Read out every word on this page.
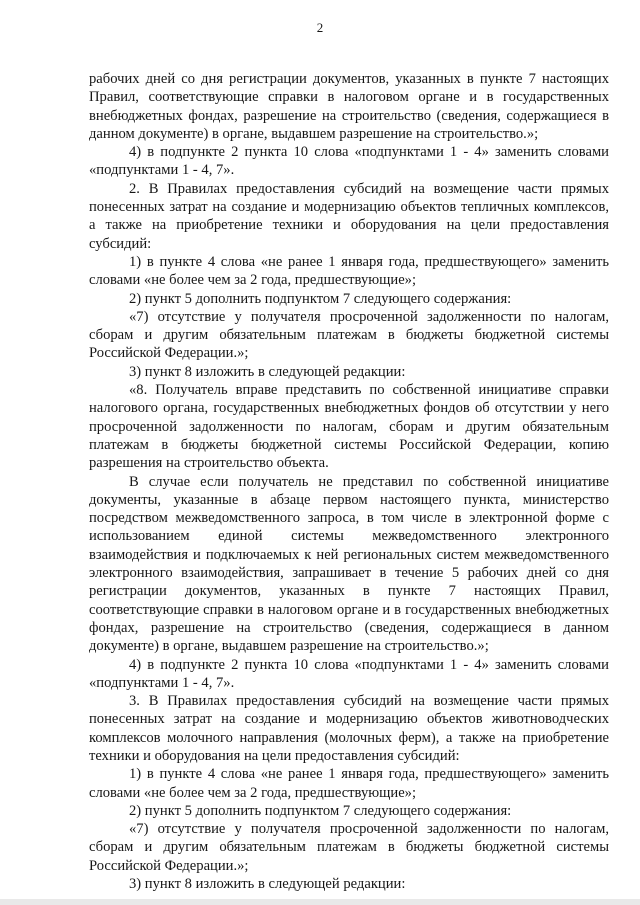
2

рабочих дней со дня регистрации документов, указанных в пункте 7 настоящих Правил, соответствующие справки в налоговом органе и в государственных внебюджетных фондах, разрешение на строительство (сведения, содержащиеся в данном документе) в органе, выдавшем разрешение на строительство.»;

4) в подпункте 2 пункта 10 слова «подпунктами 1 - 4» заменить словами «подпунктами 1 - 4, 7».

2. В Правилах предоставления субсидий на возмещение части прямых понесенных затрат на создание и модернизацию объектов тепличных комплексов, а также на приобретение техники и оборудования на цели предоставления субсидий:

1) в пункте 4 слова «не ранее 1 января года, предшествующего» заменить словами «не более чем за 2 года, предшествующие»;

2) пункт 5 дополнить подпунктом 7 следующего содержания:

«7) отсутствие у получателя просроченной задолженности по налогам, сборам и другим обязательным платежам в бюджеты бюджетной системы Российской Федерации.»;

3) пункт 8 изложить в следующей редакции:

«8. Получатель вправе представить по собственной инициативе справки налогового органа, государственных внебюджетных фондов об отсутствии у него просроченной задолженности по налогам, сборам и другим обязательным платежам в бюджеты бюджетной системы Российской Федерации, копию разрешения на строительство объекта.

В случае если получатель не представил по собственной инициативе документы, указанные в абзаце первом настоящего пункта, министерство посредством межведомственного запроса, в том числе в электронной форме с использованием единой системы межведомственного электронного взаимодействия и подключаемых к ней региональных систем межведомственного электронного взаимодействия, запрашивает в течение 5 рабочих дней со дня регистрации документов, указанных в пункте 7 настоящих Правил, соответствующие справки в налоговом органе и в государственных внебюджетных фондах, разрешение на строительство (сведения, содержащиеся в данном документе) в органе, выдавшем разрешение на строительство.»;

4) в подпункте 2 пункта 10 слова «подпунктами 1 - 4» заменить словами «подпунктами 1 - 4, 7».

3. В Правилах предоставления субсидий на возмещение части прямых понесенных затрат на создание и модернизацию объектов животноводческих комплексов молочного направления (молочных ферм), а также на приобретение техники и оборудования на цели предоставления субсидий:

1) в пункте 4 слова «не ранее 1 января года, предшествующего» заменить словами «не более чем за 2 года, предшествующие»;

2) пункт 5 дополнить подпунктом 7 следующего содержания:

«7) отсутствие у получателя просроченной задолженности по налогам, сборам и другим обязательным платежам в бюджеты бюджетной системы Российской Федерации.»;

3) пункт 8 изложить в следующей редакции:
